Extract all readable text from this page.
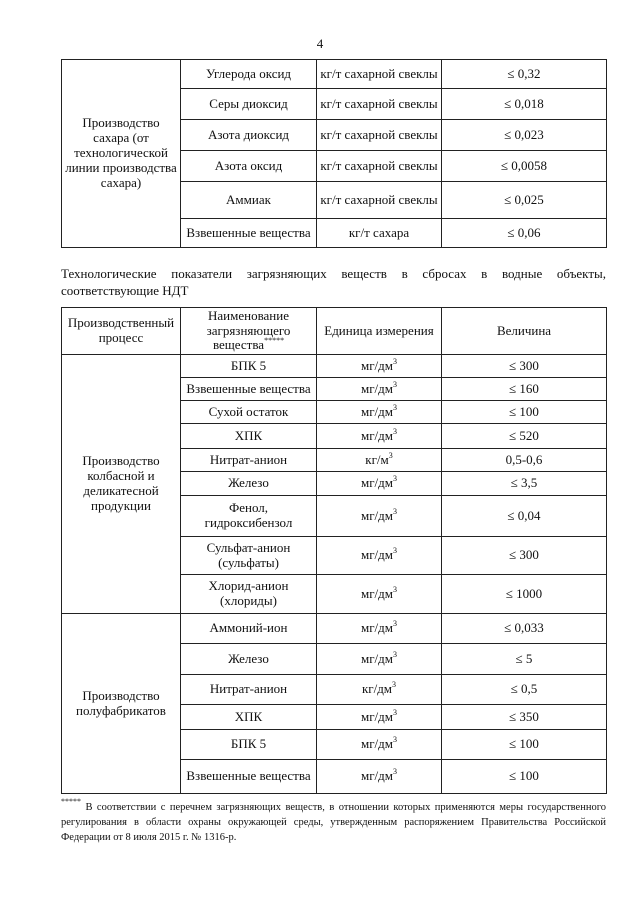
4
Производство сахара (от технологической линии производства сахара)	Углерода оксид	кг/т сахарной свеклы	≤ 0,32
	Серы диоксид	кг/т сахарной свеклы	≤ 0,018
	Азота диоксид	кг/т сахарной свеклы	≤ 0,023
	Азота оксид	кг/т сахарной свеклы	≤ 0,0058
	Аммиак	кг/т сахарной свеклы	≤ 0,025
	Взвешенные вещества	кг/т сахара	≤ 0,06
Технологические показатели загрязняющих веществ в сбросах в водные объекты, соответствующие НДТ
Производственный процесс	Наименование загрязняющего вещества*****	Единица измерения	Величина
Производство колбасной и деликатесной продукции	БПК 5	$мг/дм^3$	≤ 300
	Взвешенные вещества	$мг/дм^3$	≤ 160
	Сухой остаток	$мг/дм^3$	≤ 100
	ХПК	$мг/дм^3$	≤ 520
	Нитрат-анион	$кг/м^3$	0,5-0,6
	Железо	$мг/дм^3$	≤ 3,5
	Фенол, гидроксибензол	$мг/дм^3$	≤ 0,04
	Сульфат-анион (сульфаты)	$мг/дм^3$	≤ 300
	Хлорид-анион (хлориды)	$мг/дм^3$	≤ 1000
Производство полуфабрикатов	Аммоний-ион	$мг/дм^3$	≤ 0,033
	Железо	$мг/дм^3$	≤ 5
	Нитрат-анион	$кг/дм^3$	≤ 0,5
	ХПК	$мг/дм^3$	≤ 350
	БПК 5	$мг/дм^3$	≤ 100
	Взвешенные вещества	$мг/дм^3$	≤ 100
***** В соответствии с перечнем загрязняющих веществ, в отношении которых применяются меры государственного регулирования в области охраны окружающей среды, утвержденным распоряжением Правительства Российской Федерации от 8 июля 2015 г. № 1316-р.
